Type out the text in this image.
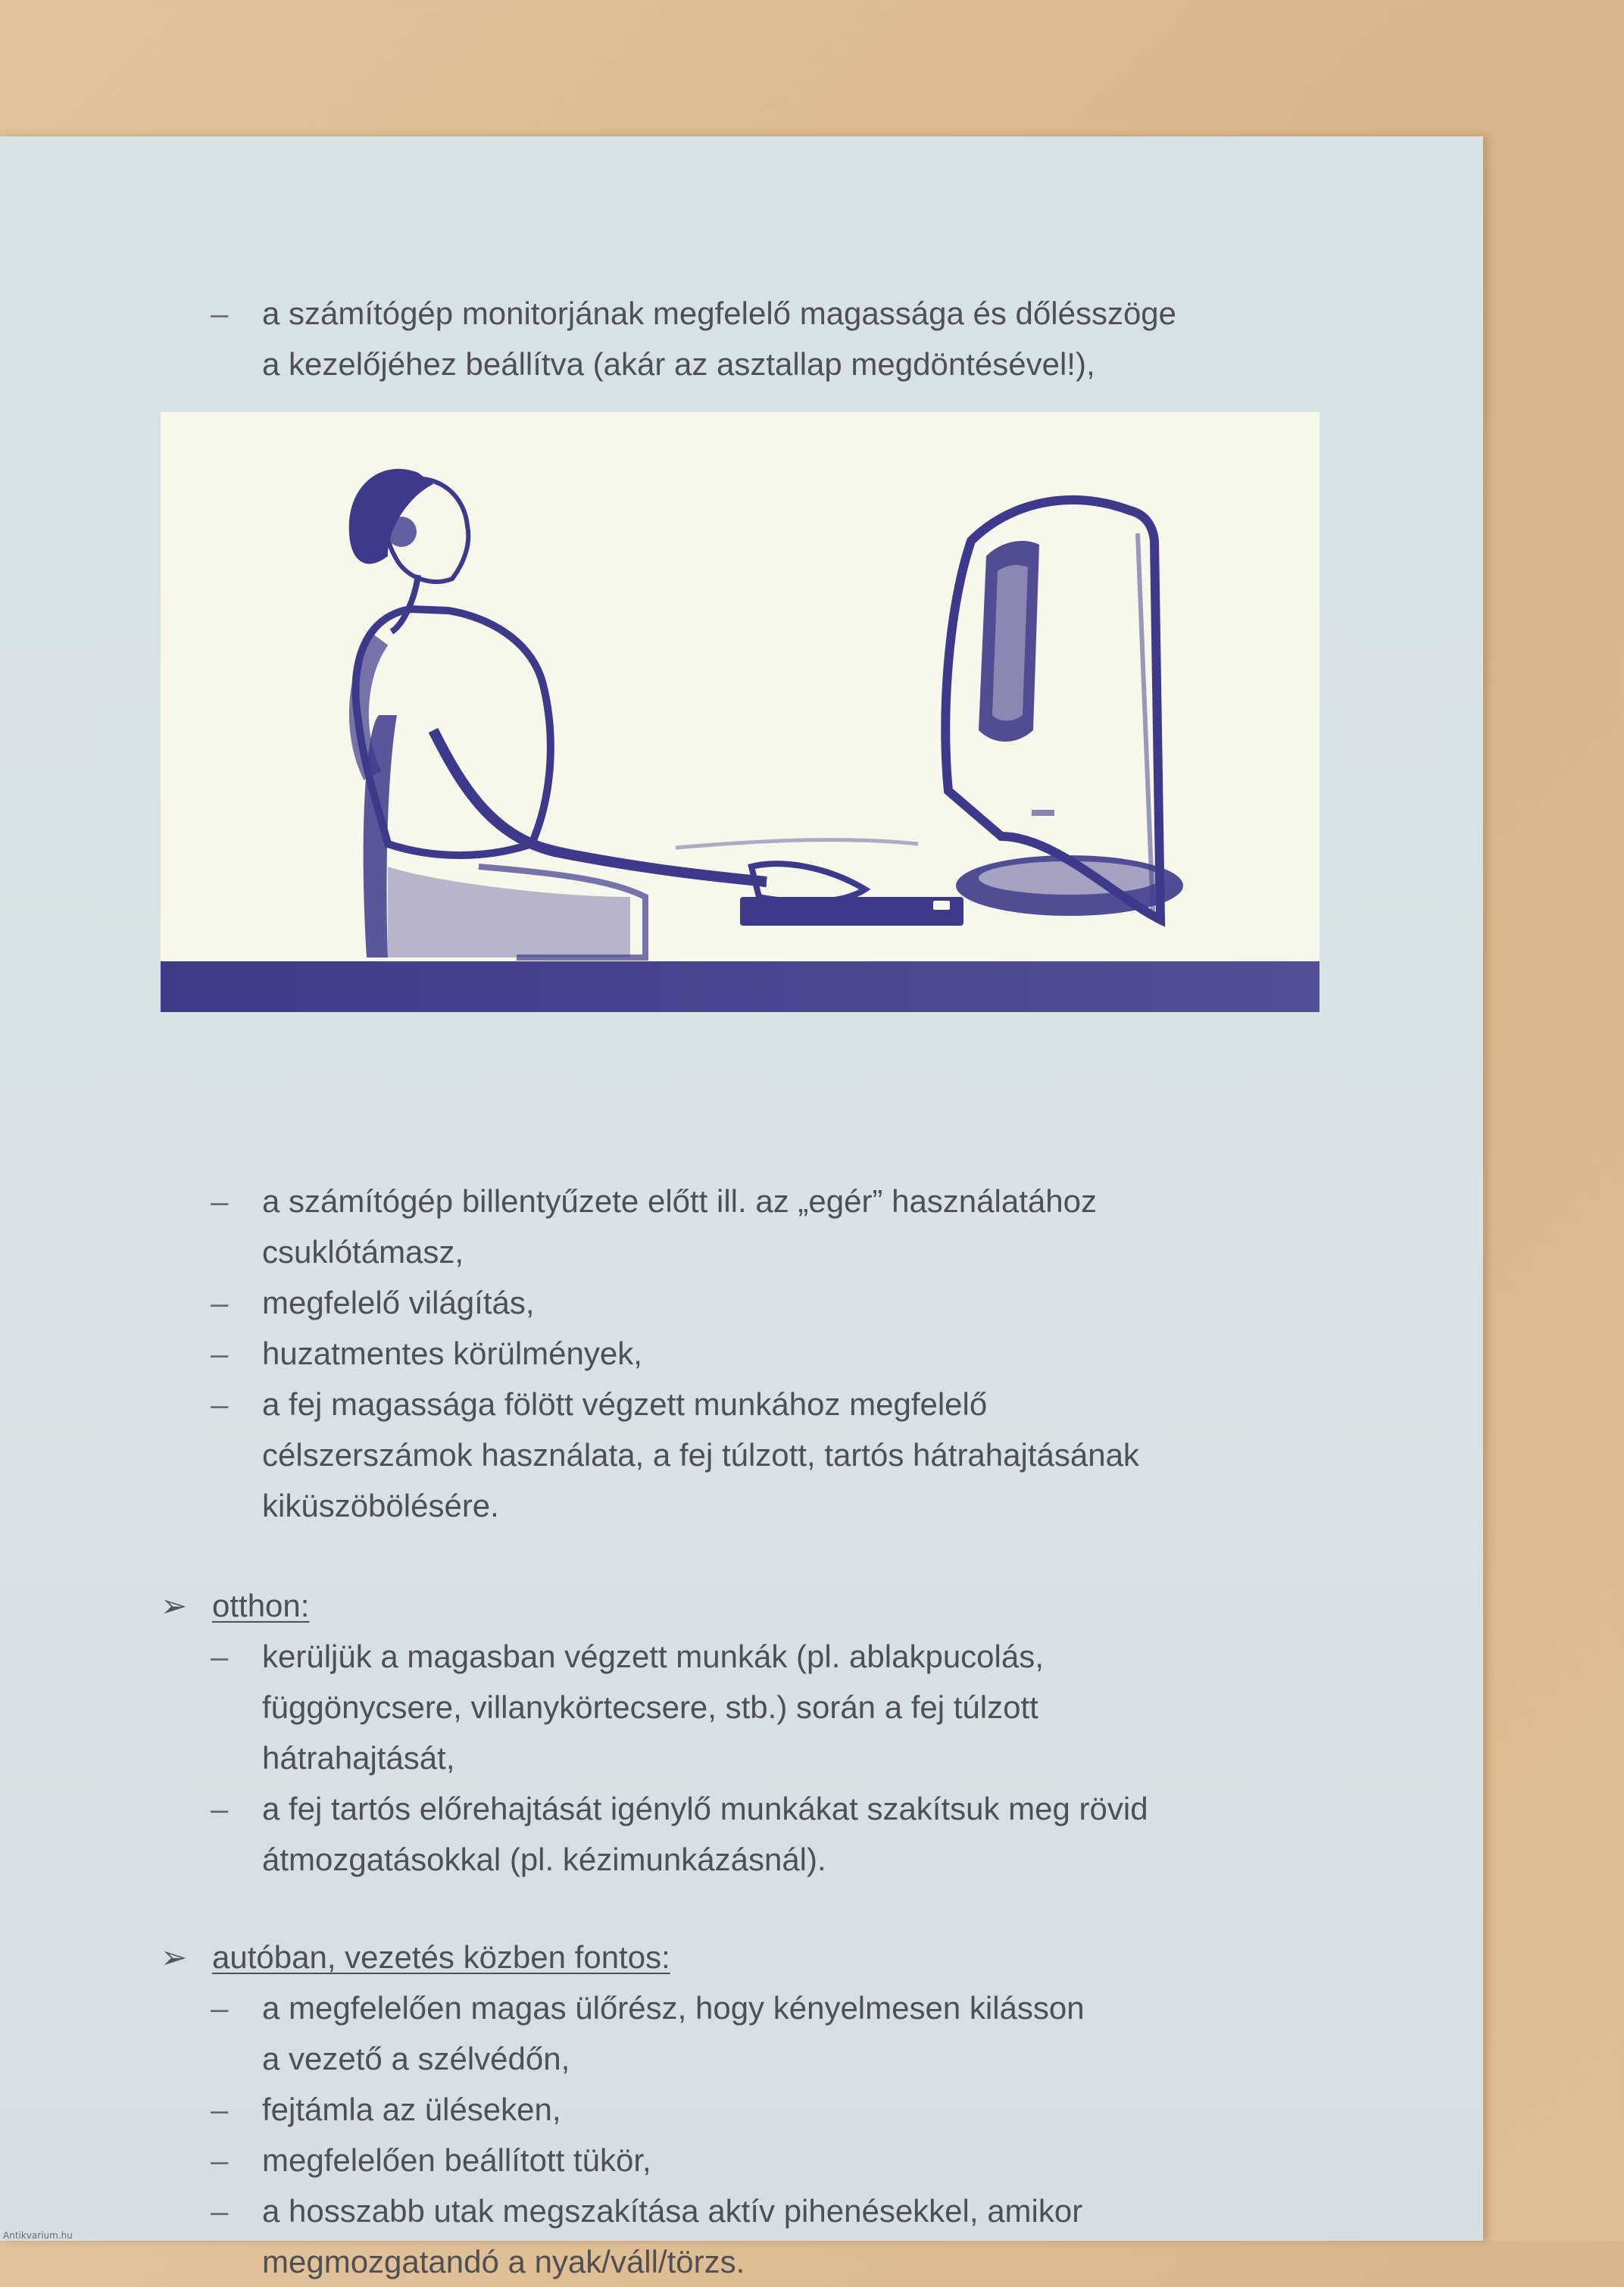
–	a számítógép monitorjának megfelelő magassága és dőlésszöge
a kezelőjéhez beállítva (akár az asztallap megdöntésével!),
–	a számítógép billentyűzete előtt ill. az „egér” használatához
csuklótámasz,
–	megfelelő világítás,
–	huzatmentes körülmények,
–	a fej magassága fölött végzett munkához megfelelő
célszerszámok használata, a fej túlzott, tartós hátrahajtásának
kiküszöbölésére.
➢ otthon:
–	kerüljük a magasban végzett munkák (pl. ablakpucolás,
függönycsere, villanykörtecsere, stb.) során a fej túlzott
hátrahajtását,
–	a fej tartós előrehajtását igénylő munkákat szakítsuk meg rövid
átmozgatásokkal (pl. kézimunkázásnál).
➢ autóban, vezetés közben fontos:
–	a megfelelően magas ülőrész, hogy kényelmesen kilásson
a vezető a szélvédőn,
–	fejtámla az üléseken,
–	megfelelően beállított tükör,
–	a hosszabb utak megszakítása aktív pihenésekkel, amikor
megmozgatandó a nyak/váll/törzs.
Antikvarium.hu
